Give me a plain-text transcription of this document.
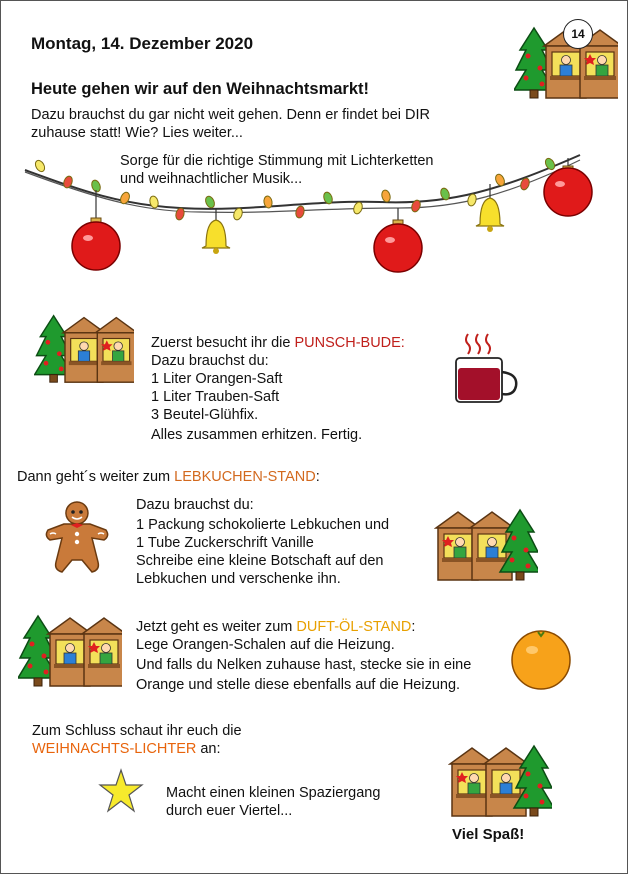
Montag, 14. Dezember 2020	14
Heute gehen wir auf den Weihnachtsmarkt!
Dazu brauchst du gar nicht weit gehen. Denn er findet bei DIR
zuhause statt! Wie? Lies weiter...
Sorge für die richtige Stimmung mit Lichterketten
und weihnachtlicher Musik...
Zuerst besucht ihr die PUNSCH-BUDE:
Dazu brauchst du:
1 Liter Orangen-Saft
1 Liter Trauben-Saft
3 Beutel-Glühfix.
Alles zusammen erhitzen. Fertig.
Dann geht´s weiter zum LEBKUCHEN-STAND:
Dazu brauchst du:
1 Packung schokolierte Lebkuchen und
1 Tube Zuckerschrift Vanille
Schreibe eine kleine Botschaft auf den
Lebkuchen und verschenke ihn.
Jetzt geht es weiter zum DUFT-ÖL-STAND:
Lege Orangen-Schalen auf die Heizung.
Und falls du Nelken zuhause hast, stecke sie in eine
Orange und stelle diese ebenfalls auf die Heizung.
Zum Schluss schaut ihr euch die
WEIHNACHTS-LICHTER an:
Macht einen kleinen Spaziergang
durch euer Viertel...
Viel Spaß!
